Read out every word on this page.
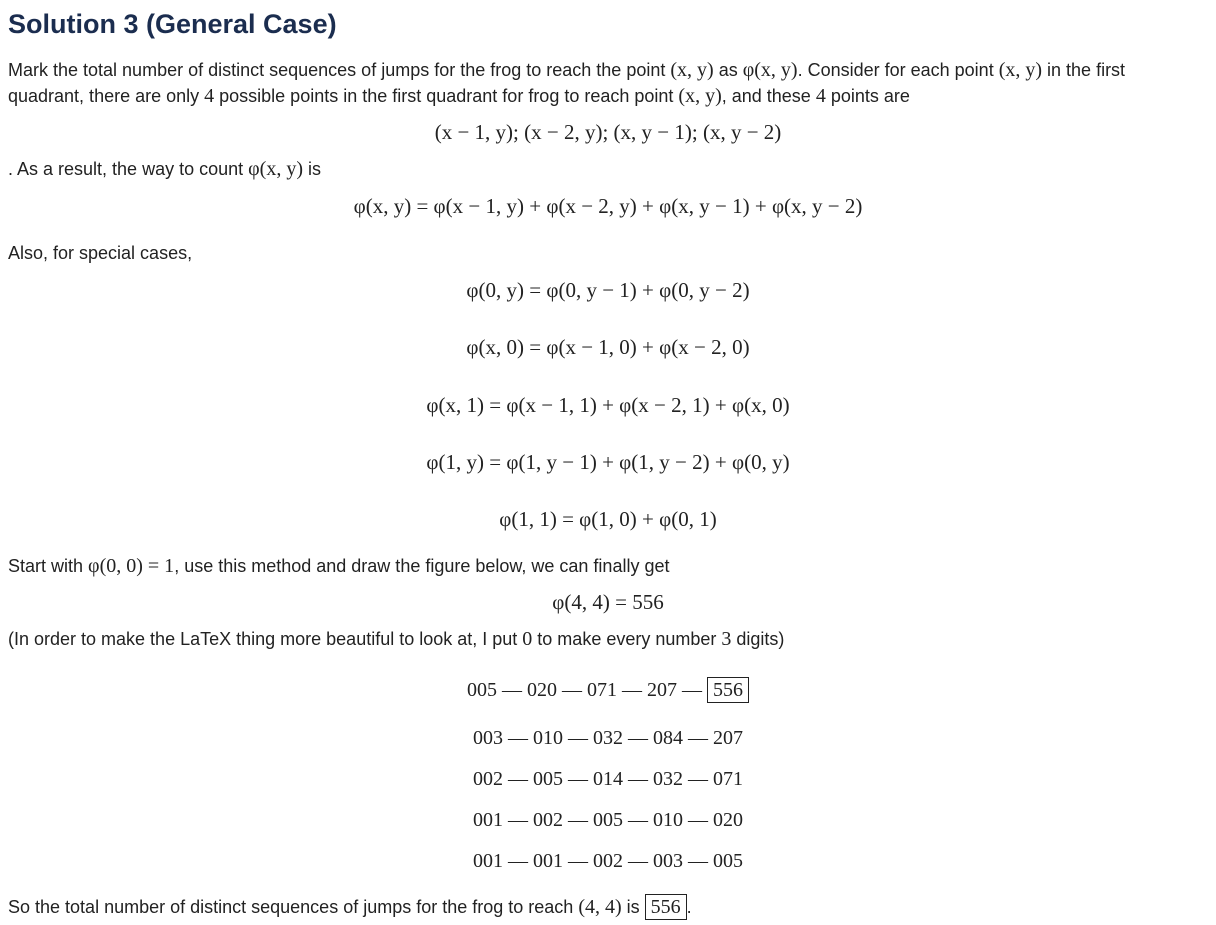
Solution 3 (General Case)
Mark the total number of distinct sequences of jumps for the frog to reach the point (x, y) as φ(x, y). Consider for each point (x, y) in the first
quadrant, there are only 4 possible points in the first quadrant for frog to reach point (x, y), and these 4 points are
(x − 1, y); (x − 2, y); (x, y − 1); (x, y − 2)
. As a result, the way to count φ(x, y) is
φ(x, y) = φ(x − 1, y) + φ(x − 2, y) + φ(x, y − 1) + φ(x, y − 2)
Also, for special cases,
φ(0, y) = φ(0, y − 1) + φ(0, y − 2)
φ(x, 0) = φ(x − 1, 0) + φ(x − 2, 0)
φ(x, 1) = φ(x − 1, 1) + φ(x − 2, 1) + φ(x, 0)
φ(1, y) = φ(1, y − 1) + φ(1, y − 2) + φ(0, y)
φ(1, 1) = φ(1, 0) + φ(0, 1)
Start with φ(0, 0) = 1, use this method and draw the figure below, we can finally get
φ(4, 4) = 556
(In order to make the LaTeX thing more beautiful to look at, I put 0 to make every number 3 digits)
005 — 020 — 071 — 207 — 556
003 — 010 — 032 — 084 — 207
002 — 005 — 014 — 032 — 071
001 — 002 — 005 — 010 — 020
001 — 001 — 002 — 003 — 005
So the total number of distinct sequences of jumps for the frog to reach (4, 4) is 556 .
